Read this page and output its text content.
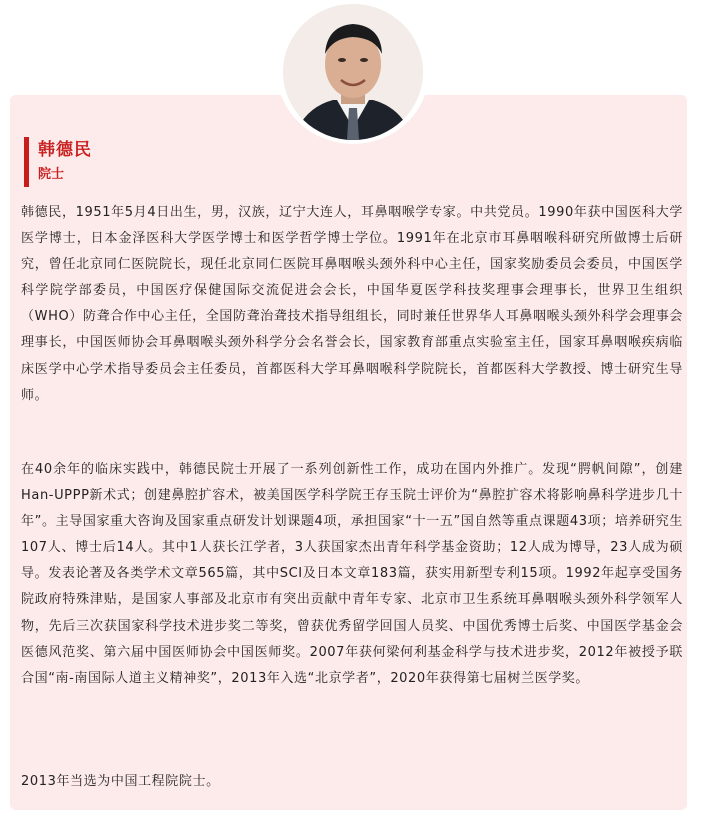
韩德民
院士

韩德民，1951年5月4日出生，男，汉族，辽宁大连人，耳鼻咽喉学专家。中共党员。1990年获中国医科大学医学博士，日本金泽医科大学医学博士和医学哲学博士学位。1991年在北京市耳鼻咽喉科研究所做博士后研究，曾任北京同仁医院院长，现任北京同仁医院耳鼻咽喉头颈外科中心主任，国家奖励委员会委员，中国医学科学院学部委员，中国医疗保健国际交流促进会会长，中国华夏医学科技奖理事会理事长，世界卫生组织（WHO）防聋合作中心主任，全国防聋治聋技术指导组组长，同时兼任世界华人耳鼻咽喉头颈外科学会理事会理事长，中国医师协会耳鼻咽喉头颈外科学分会名誉会长，国家教育部重点实验室主任，国家耳鼻咽喉疾病临床医学中心学术指导委员会主任委员，首都医科大学耳鼻咽喉科学院院长，首都医科大学教授、博士研究生导师。

在40余年的临床实践中，韩德民院士开展了一系列创新性工作，成功在国内外推广。发现“腭帆间隙”，创建Han-UPPP新术式；创建鼻腔扩容术，被美国医学科学院王存玉院士评价为“鼻腔扩容术将影响鼻科学进步几十年”。主导国家重大咨询及国家重点研发计划课题4项，承担国家“十一五”国自然等重点课题43项；培养研究生107人、博士后14人。其中1人获长江学者，3人获国家杰出青年科学基金资助；12人成为博导，23人成为硕导。发表论著及各类学术文章565篇，其中SCI及日本文章183篇，获实用新型专利15项。1992年起享受国务院政府特殊津贴，是国家人事部及北京市有突出贡献中青年专家、北京市卫生系统耳鼻咽喉头颈外科学领军人物，先后三次获国家科学技术进步奖二等奖，曾获优秀留学回国人员奖、中国优秀博士后奖、中国医学基金会医德风范奖、第六届中国医师协会中国医师奖。2007年获何梁何利基金科学与技术进步奖，2012年被授予联合国“南-南国际人道主义精神奖”，2013年入选“北京学者”，2020年获得第七届树兰医学奖。

2013年当选为中国工程院院士。
